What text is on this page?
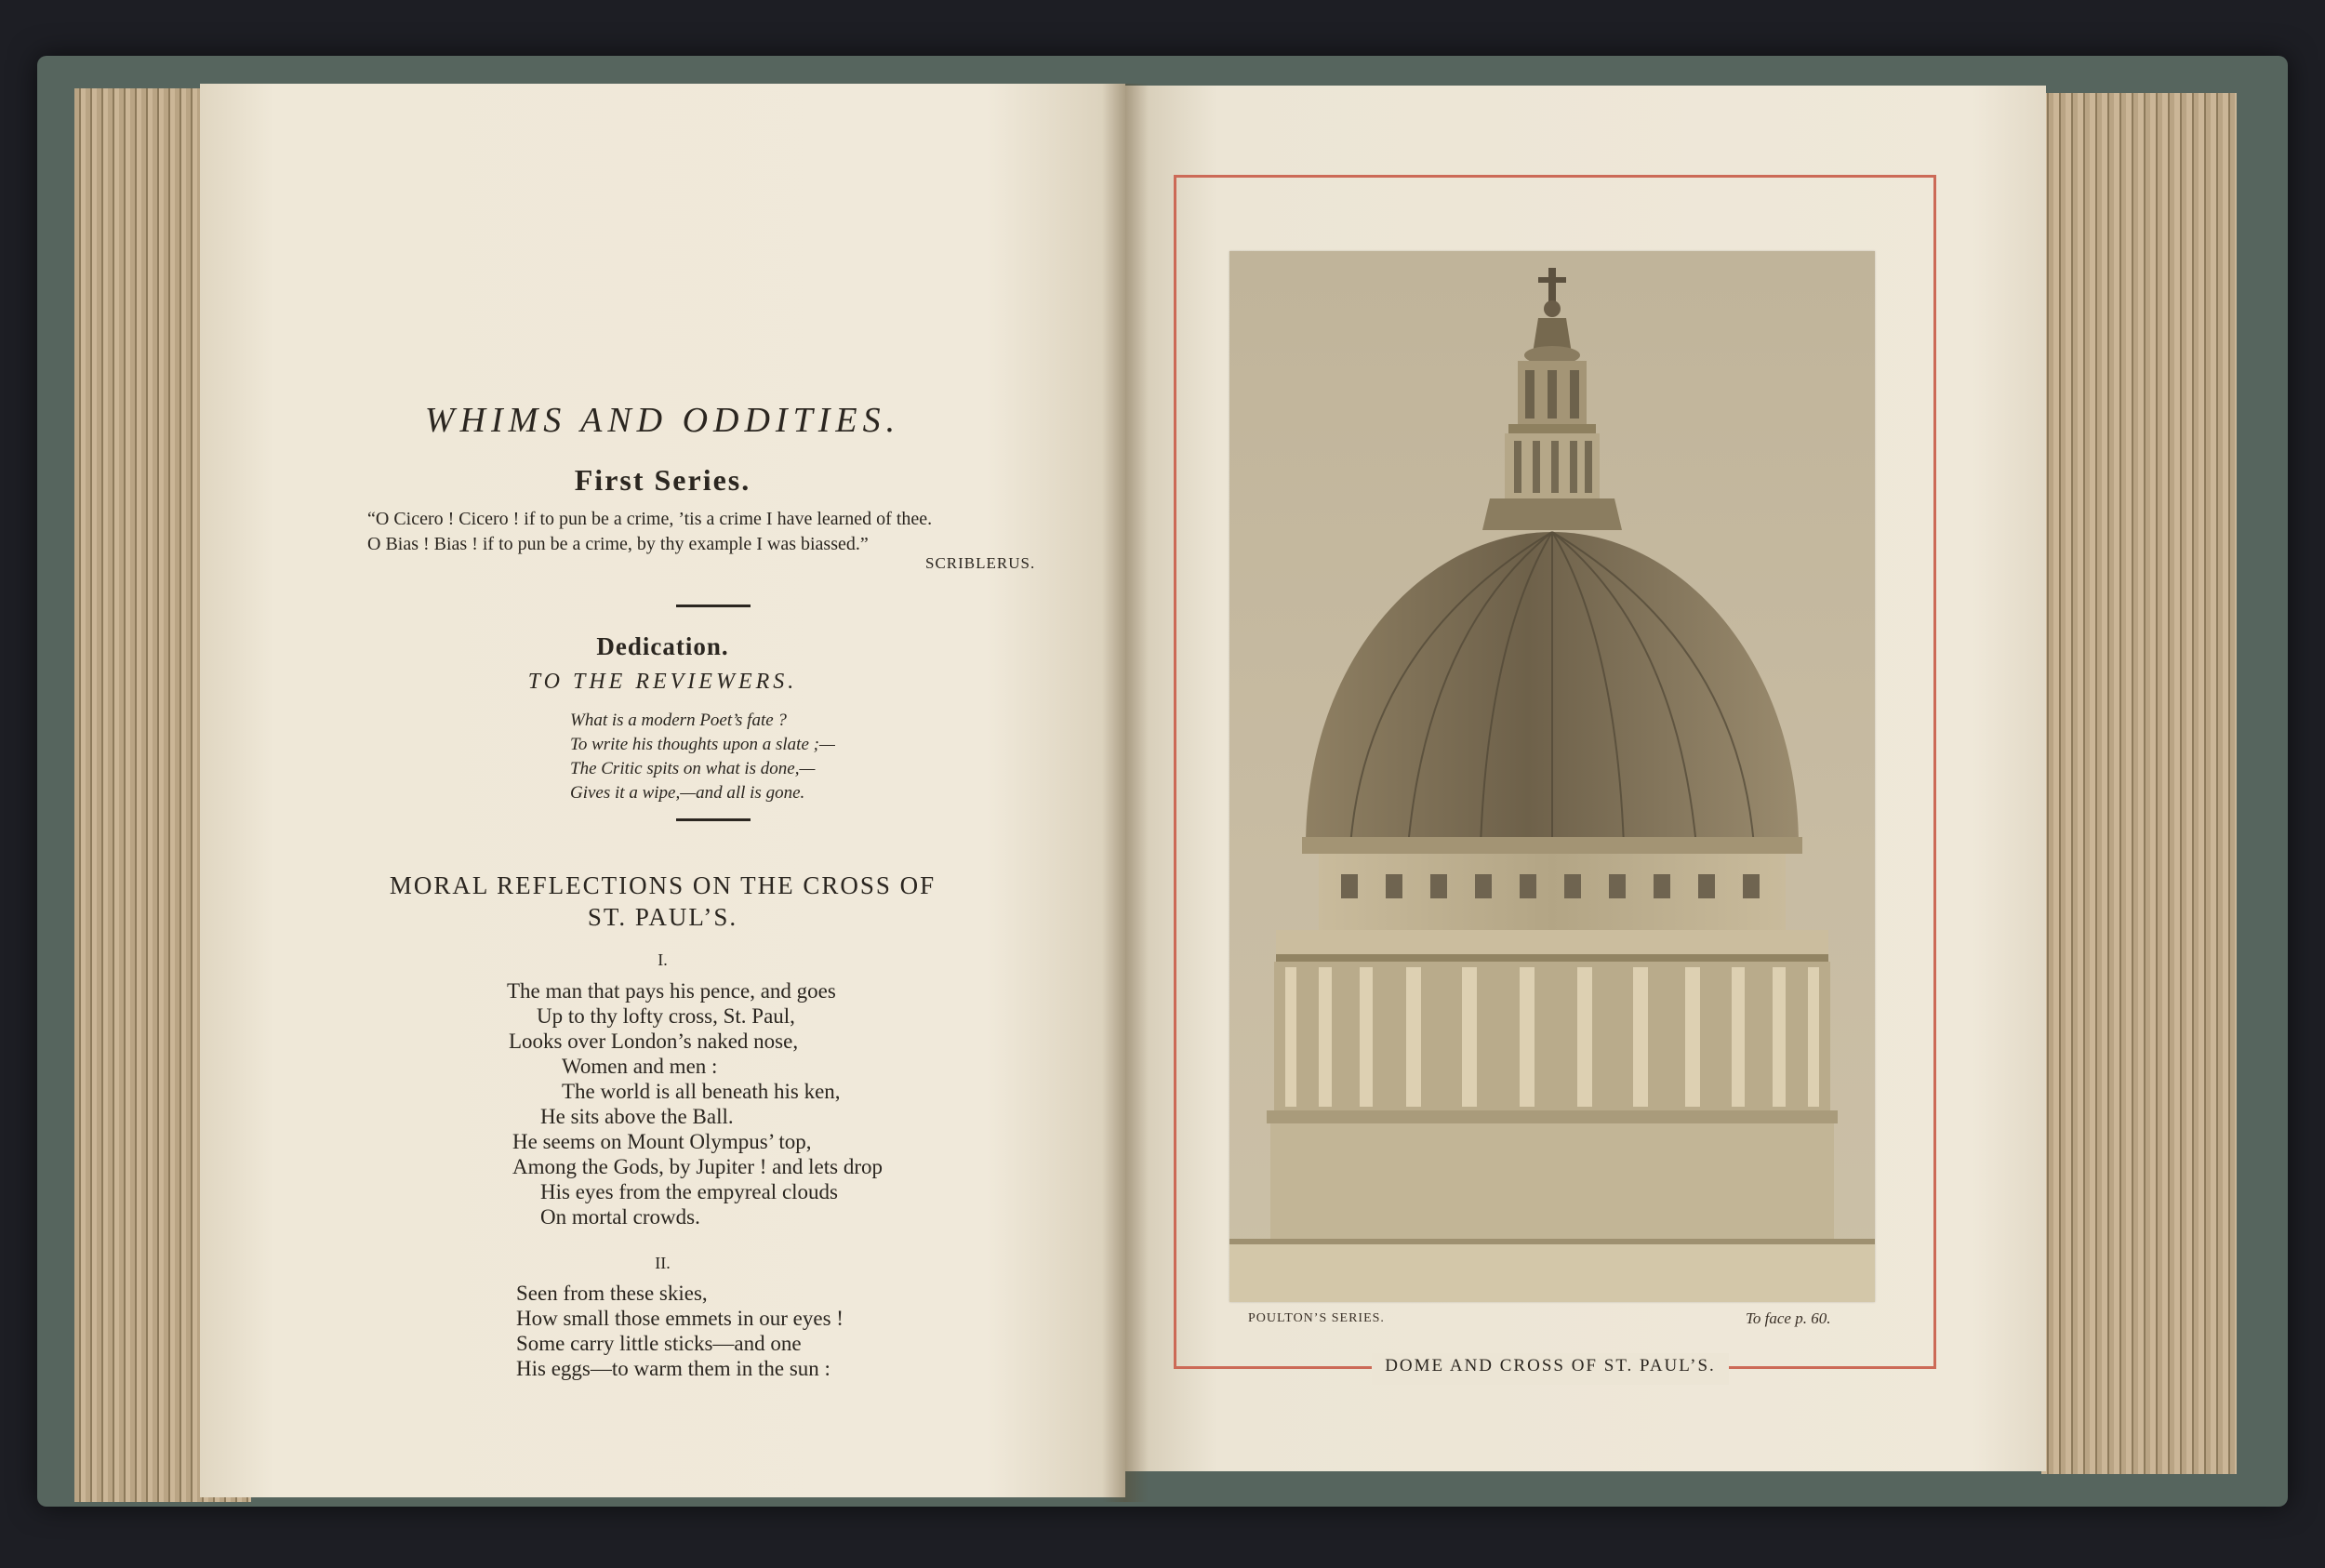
WHIMS AND ODDITIES.
First Series.
“O Cicero ! Cicero ! if to pun be a crime, ’tis a crime I have learned of thee.
O Bias ! Bias ! if to pun be a crime, by thy example I was biassed.”
SCRIBLERUS.
Dedication.
TO THE REVIEWERS.
What is a modern Poet’s fate ?
To write his thoughts upon a slate ;—
The Critic spits on what is done,—
Gives it a wipe,—and all is gone.
MORAL REFLECTIONS ON THE CROSS OF
ST. PAUL’S.
I.
The man that pays his pence, and goes
Up to thy lofty cross, St. Paul,
Looks over London’s naked nose,
Women and men :
The world is all beneath his ken,
He sits above the Ball.
He seems on Mount Olympus’ top,
Among the Gods, by Jupiter ! and lets drop
His eyes from the empyreal clouds
On mortal crowds.
II.
Seen from these skies,
How small those emmets in our eyes !
Some carry little sticks—and one
His eggs—to warm them in the sun :
POULTON’S SERIES.	To face p. 60.
DOME AND CROSS OF ST. PAUL’S.
